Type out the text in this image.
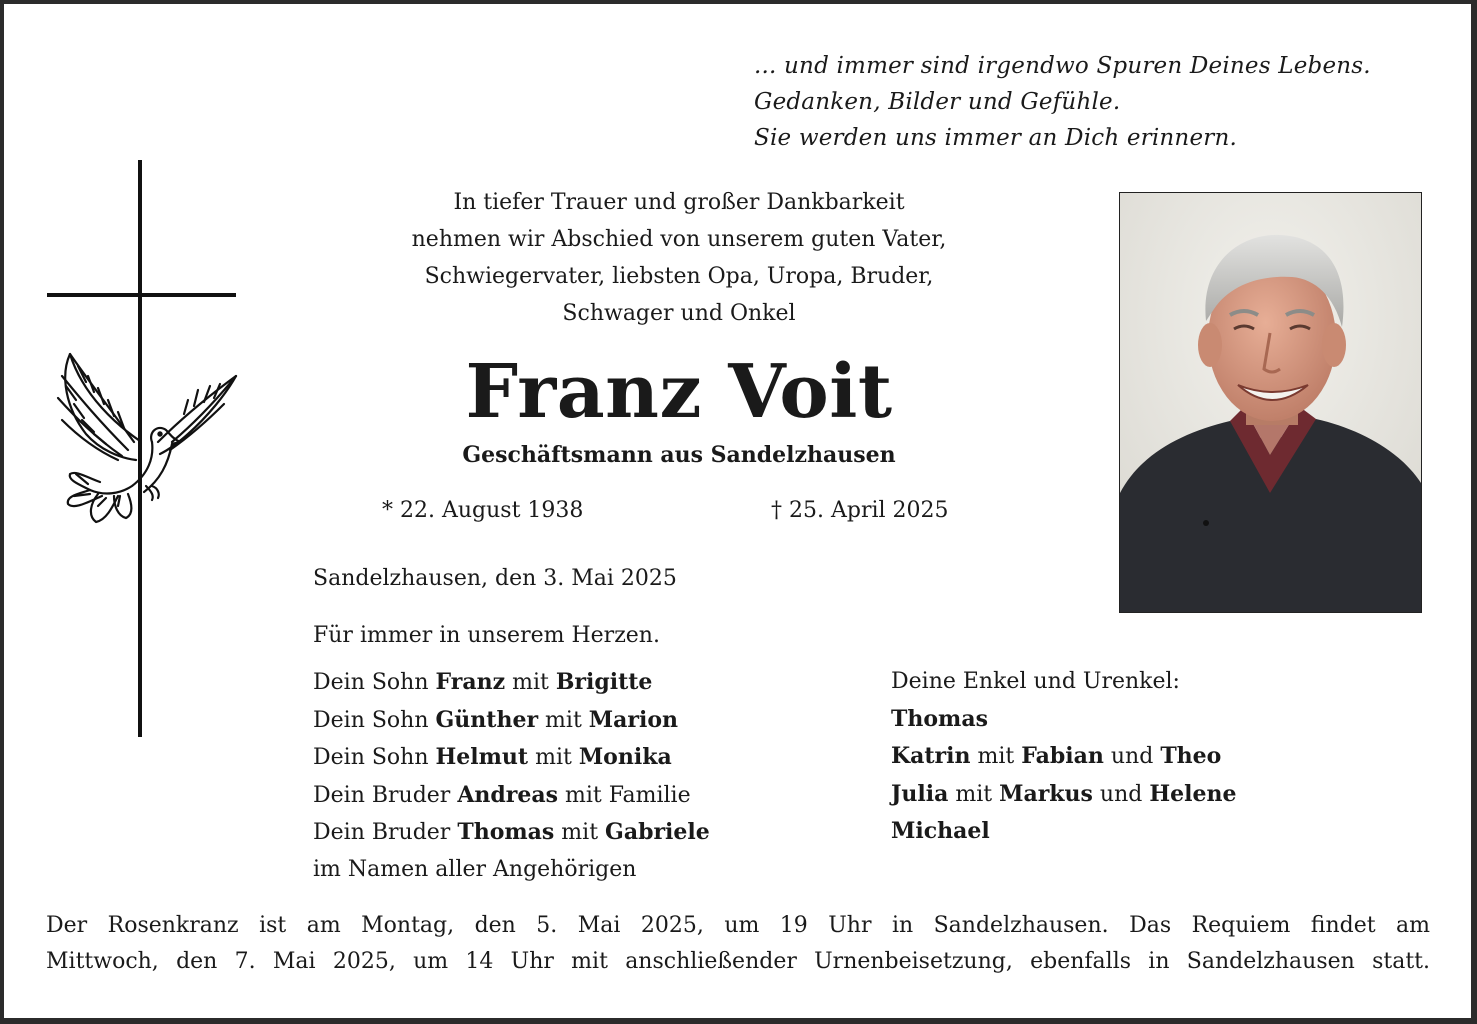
... und immer sind irgendwo Spuren Deines Lebens.
Gedanken, Bilder und Gefühle.
Sie werden uns immer an Dich erinnern.
In tiefer Trauer und großer Dankbarkeit
nehmen wir Abschied von unserem guten Vater,
Schwiegervater, liebsten Opa, Uropa, Bruder,
Schwager und Onkel
Franz Voit
Geschäftsmann aus Sandelzhausen
* 22. August 1938	† 25. April 2025
Sandelzhausen, den 3. Mai 2025
Für immer in unserem Herzen.
Dein Sohn Franz mit Brigitte
Dein Sohn Günther mit Marion
Dein Sohn Helmut mit Monika
Dein Bruder Andreas mit Familie
Dein Bruder Thomas mit Gabriele
im Namen aller Angehörigen
Deine Enkel und Urenkel:
Thomas
Katrin mit Fabian und Theo
Julia mit Markus und Helene
Michael

Der Rosenkranz ist am Montag, den 5. Mai 2025, um 19 Uhr in Sandelzhausen. Das Requiem findet am

Mittwoch, den 7. Mai 2025, um 14 Uhr mit anschließender Urnenbeisetzung, ebenfalls in Sandelzhausen statt.
